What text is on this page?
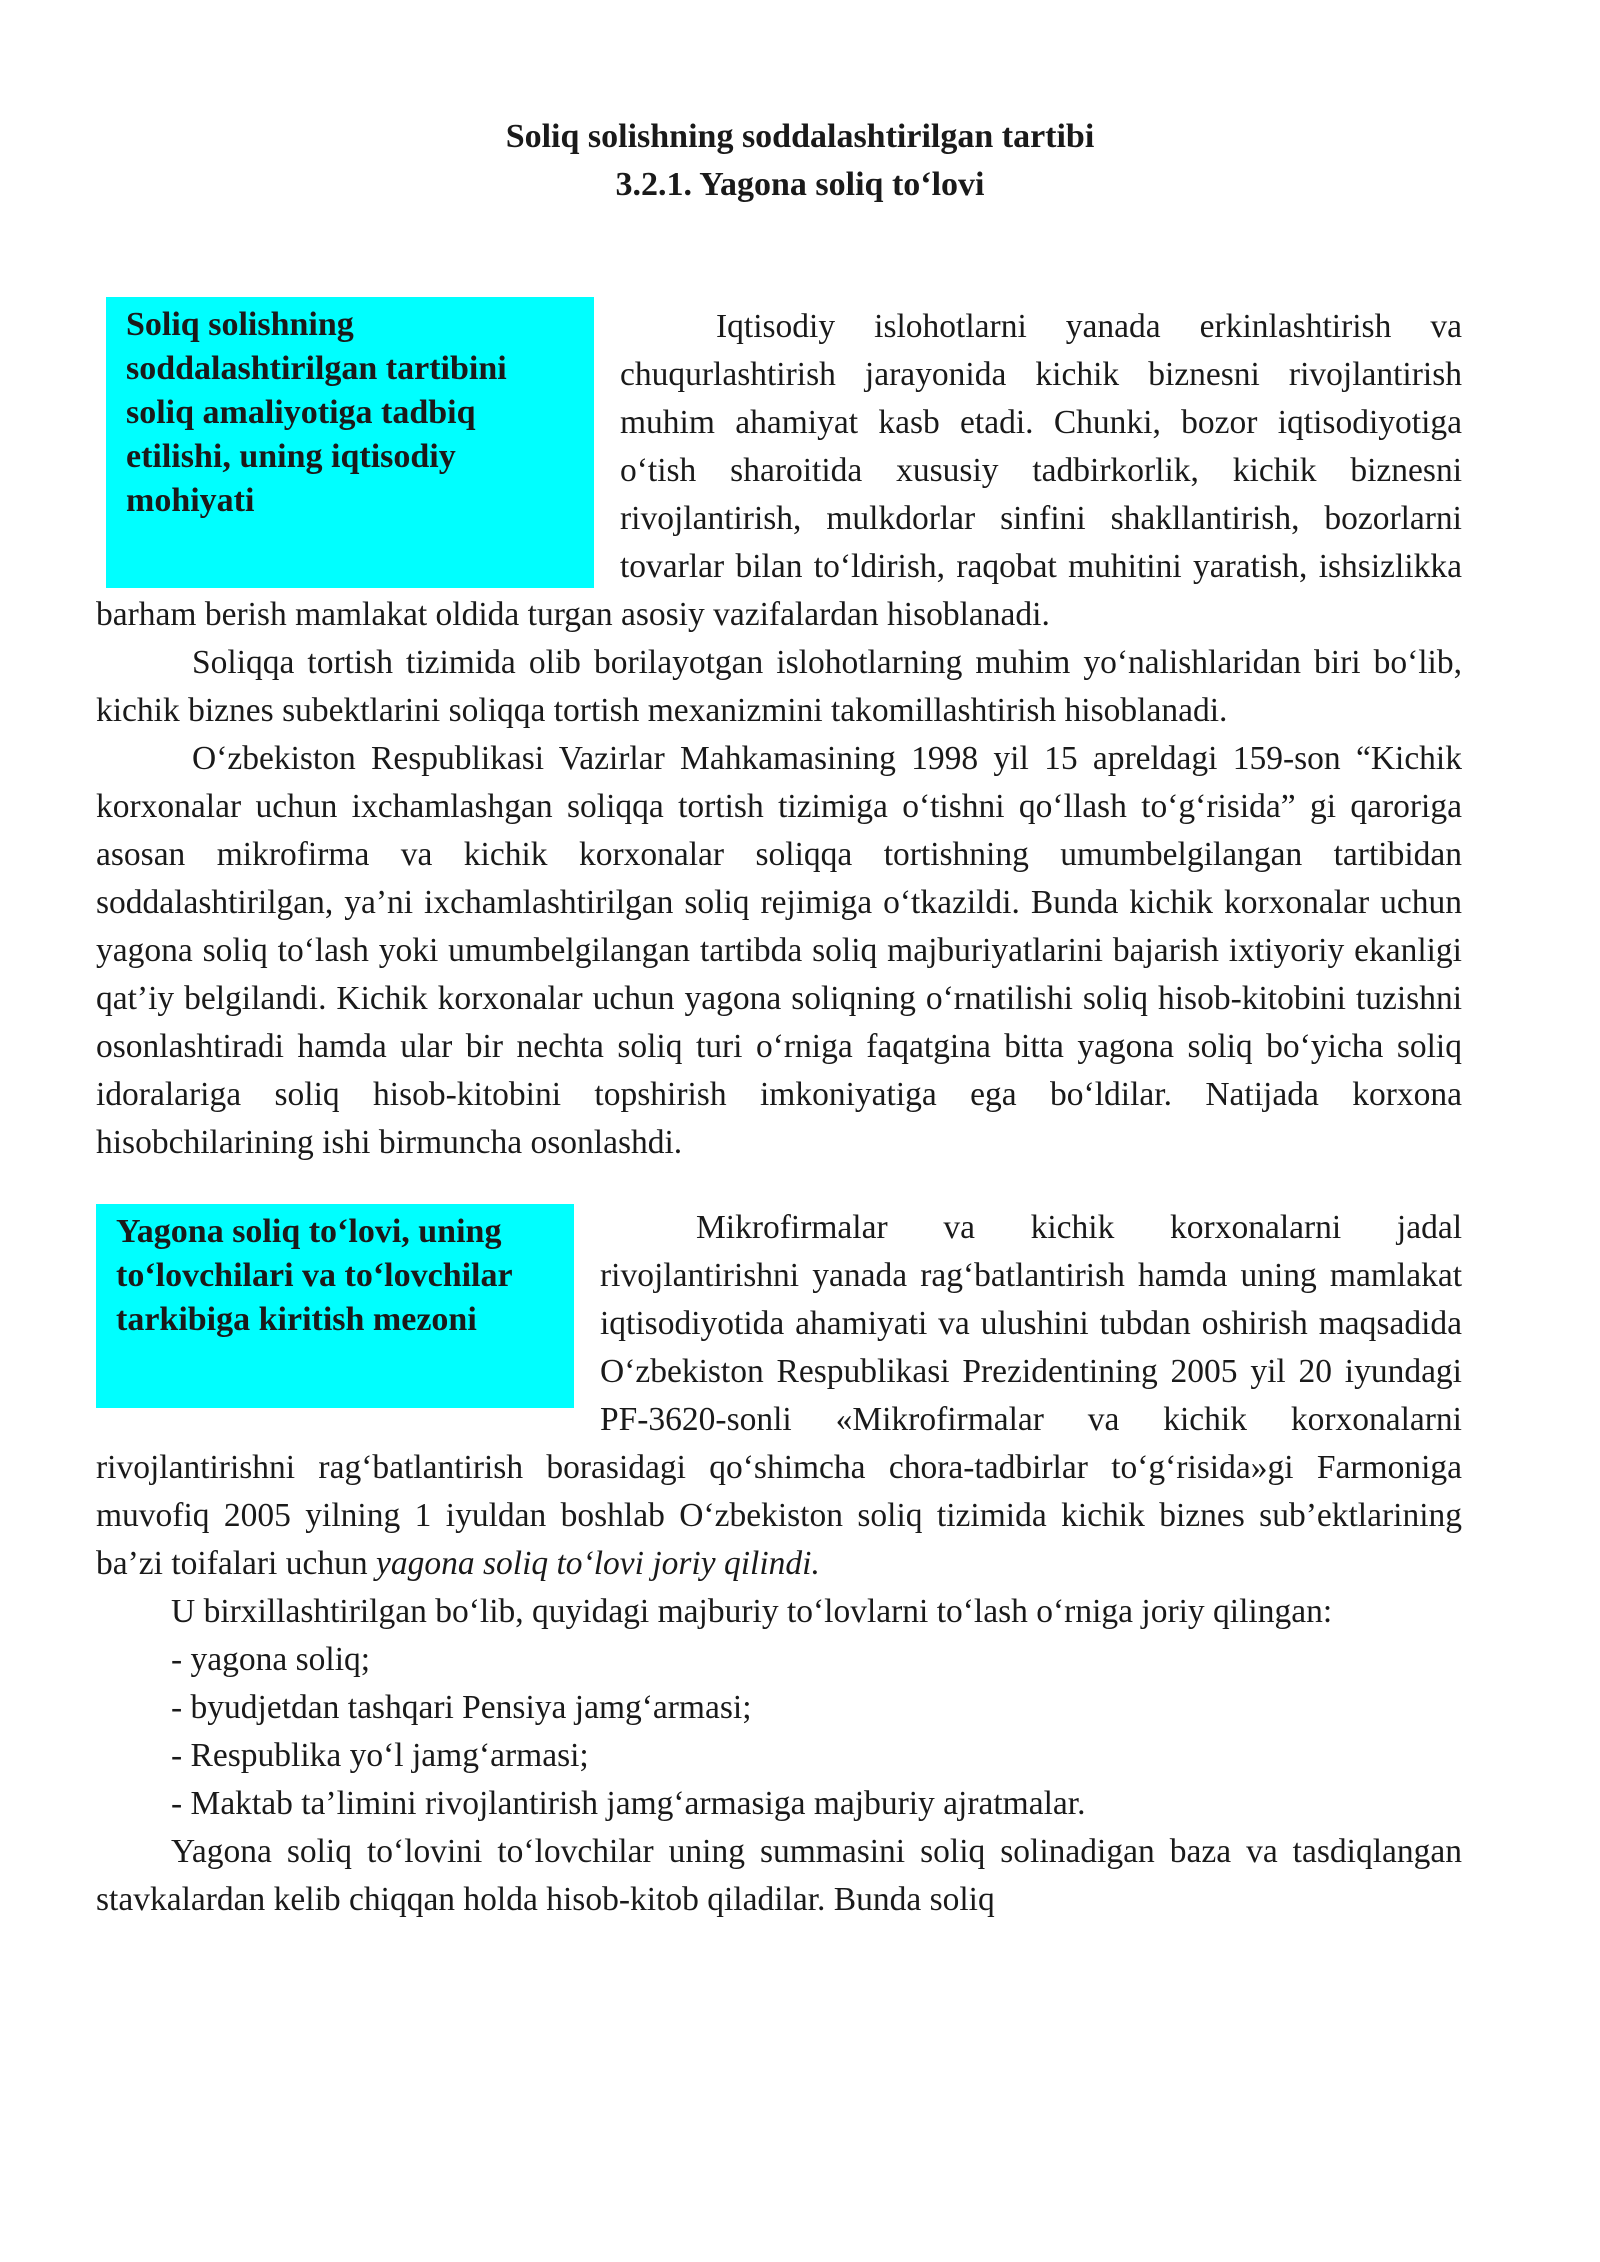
Soliq solishning soddalashtirilgan tartibi

3.2.1. Yagona soliq to‘lovi

Soliq solishning soddalashtirilgan tartibini soliq amaliyotiga tadbiq etilishi, uning iqtisodiy mohiyati

Iqtisodiy islohotlarni yanada erkinlashtirish va chuqurlashtirish jarayonida kichik biznesni rivojlantirish muhim ahamiyat kasb etadi. Chunki, bozor iqtisodiyotiga o‘tish sharoitida xususiy tadbirkorlik, kichik biznesni rivojlantirish, mulkdorlar sinfini shakllantirish, bozorlarni tovarlar bilan to‘ldirish, raqobat muhitini yaratish, ishsizlikka barham berish mamlakat oldida turgan asosiy vazifalardan hisoblanadi.

Soliqqa tortish tizimida olib borilayotgan islohotlarning muhim yo‘nalishlaridan biri bo‘lib, kichik biznes subektlarini soliqqa tortish mexanizmini takomillashtirish hisoblanadi.

O‘zbekiston Respublikasi Vazirlar Mahkamasining 1998 yil 15 apreldagi 159-son “Kichik korxonalar uchun ixchamlashgan soliqqa tortish tizimiga o‘tishni qo‘llash to‘g‘risida” gi qaroriga asosan mikrofirma va kichik korxonalar soliqqa tortishning umumbelgilangan tartibidan soddalashtirilgan, ya’ni ixchamlashtirilgan soliq rejimiga o‘tkazildi. Bunda kichik korxonalar uchun yagona soliq to‘lash yoki umumbelgilangan tartibda soliq majburiyatlarini bajarish ixtiyoriy ekanligi qat’iy belgilandi. Kichik korxonalar uchun yagona soliqning o‘rnatilishi soliq hisob-kitobini tuzishni osonlashtiradi hamda ular bir nechta soliq turi o‘rniga faqatgina bitta yagona soliq bo‘yicha soliq idoralariga soliq hisob-kitobini topshirish imkoniyatiga ega bo‘ldilar. Natijada korxona hisobchilarining ishi birmuncha osonlashdi.

Yagona soliq to‘lovi, uning to‘lovchilari va to‘lovchilar tarkibiga kiritish mezoni

Mikrofirmalar va kichik korxonalarni jadal rivojlantirishni yanada rag‘batlantirish hamda uning mamlakat iqtisodiyotida ahamiyati va ulushini tubdan oshirish maqsadida O‘zbekiston Respublikasi Prezidentining 2005 yil 20 iyundagi PF-3620-sonli «Mikrofirmalar va kichik korxonalarni rivojlantirishni rag‘batlantirish borasidagi qo‘shimcha chora-tadbirlar to‘g‘risida»gi Farmoniga muvofiq 2005 yilning 1 iyuldan boshlab O‘zbekiston soliq tizimida kichik biznes sub’ektlarining ba’zi toifalari uchun yagona soliq to‘lovi joriy qilindi.

U birxillashtirilgan bo‘lib, quyidagi majburiy to‘lovlarni to‘lash o‘rniga joriy qilingan:

- yagona soliq;

- byudjetdan tashqari Pensiya jamg‘armasi;

- Respublika yo‘l jamg‘armasi;

- Maktab ta’limini rivojlantirish jamg‘armasiga majburiy ajratmalar.

Yagona soliq to‘lovini to‘lovchilar uning summasini soliq solinadigan baza va tasdiqlangan stavkalardan kelib chiqqan holda hisob-kitob qiladilar. Bunda soliq
